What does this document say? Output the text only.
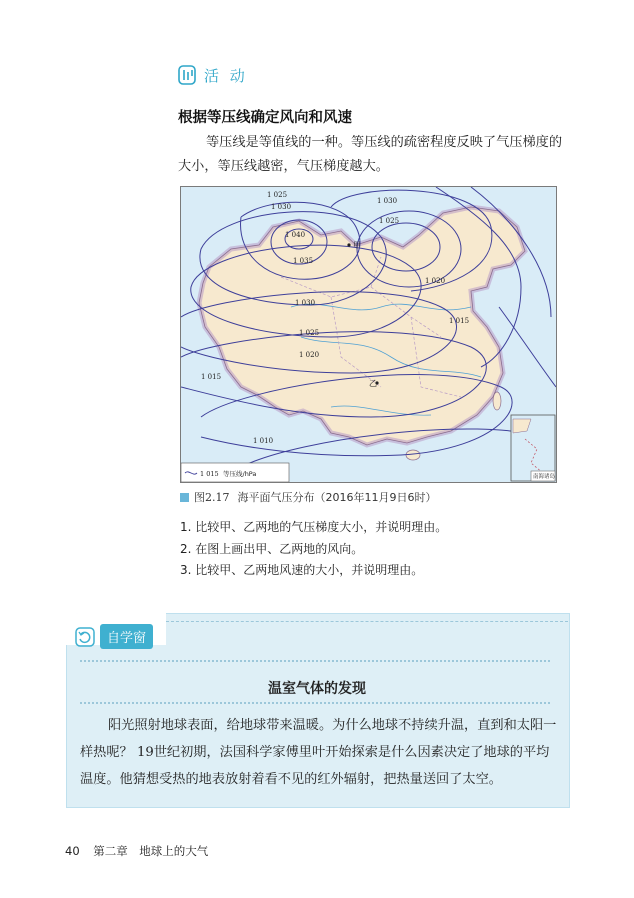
活 动
根据等压线确定风向和风速
等压线是等值线的一种。等压线的疏密程度反映了气压梯度的大小，等压线越密，气压梯度越大。
1 025
1 030
1 035
1 040
1 030
1 025
1 020
1 015
1 010
1 025
1 030
1 020
1 015
甲
乙
南海诸岛
1 015 等压线/hPa
图2.17 海平面气压分布（2016年11月9日6时）
1. 比较甲、乙两地的气压梯度大小，并说明理由。
2. 在图上画出甲、乙两地的风向。
3. 比较甲、乙两地风速的大小，并说明理由。
自学窗
温室气体的发现
阳光照射地球表面，给地球带来温暖。为什么地球不持续升温，直到和太阳一样热呢？ 19世纪初期，法国科学家傅里叶开始探索是什么因素决定了地球的平均温度。他猜想受热的地表放射着看不见的红外辐射，把热量送回了太空。
40 第二章　地球上的大气
